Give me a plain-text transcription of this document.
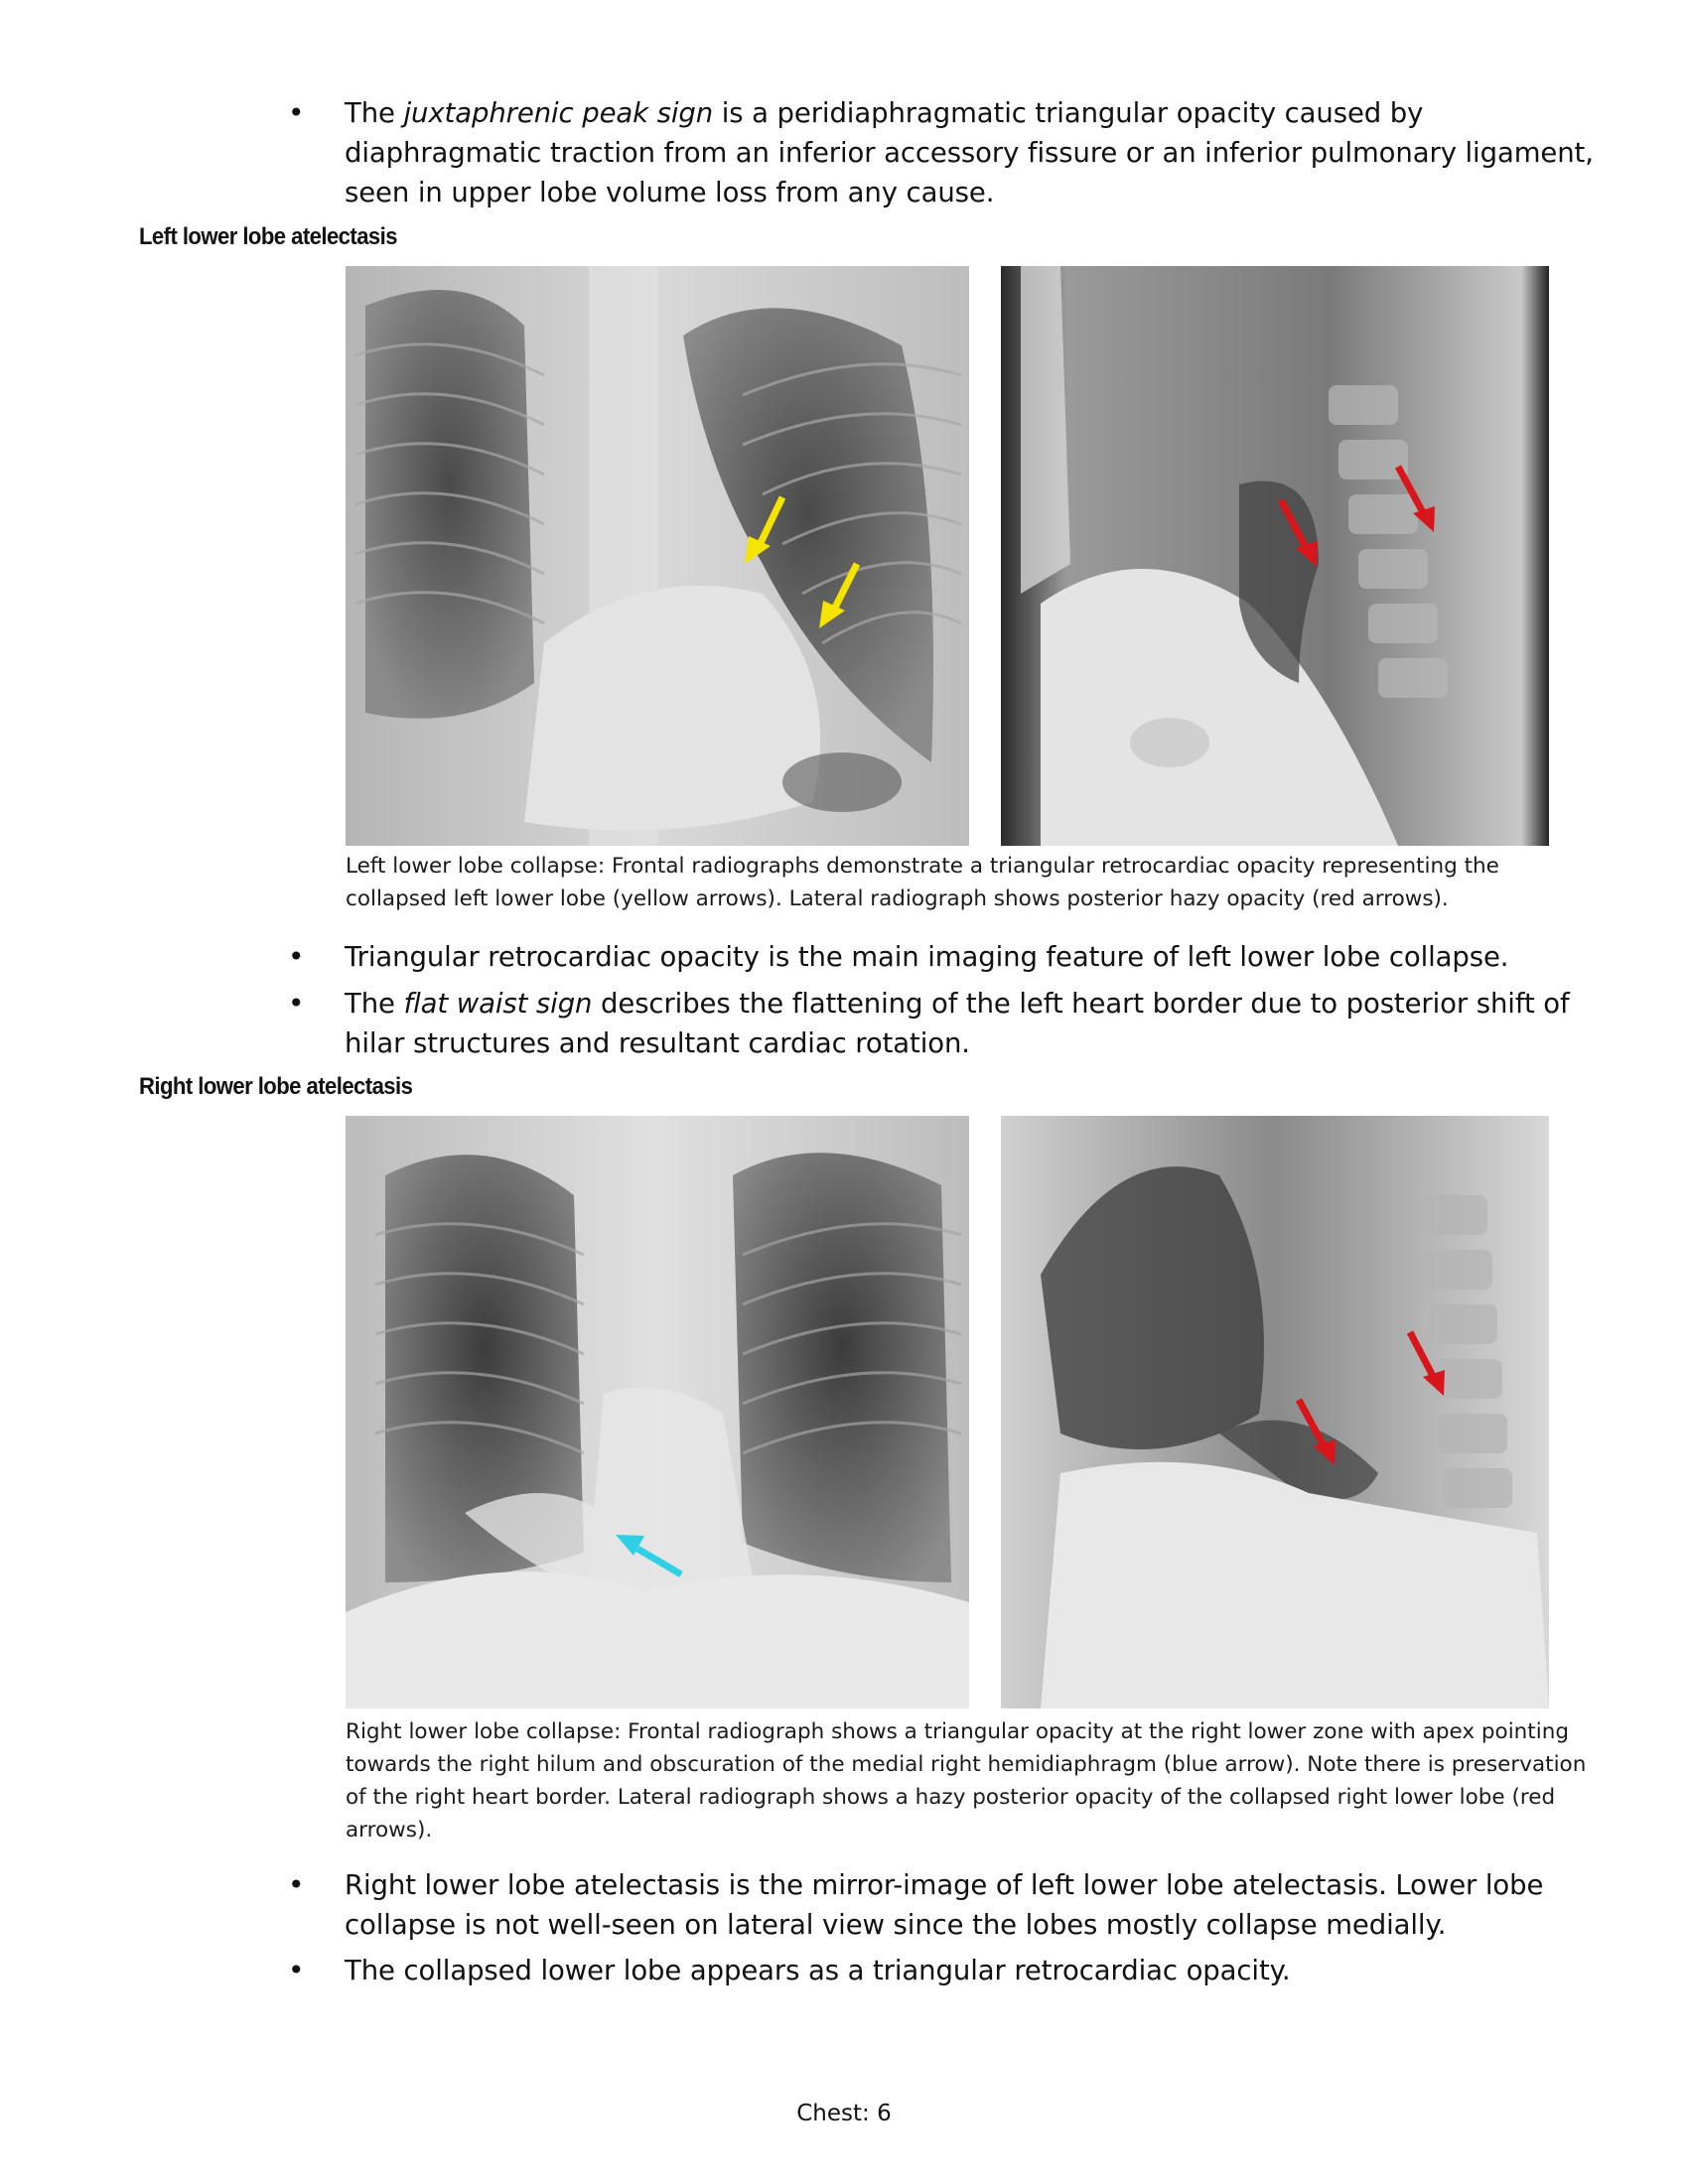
• The juxtaphrenic peak sign is a peridiaphragmatic triangular opacity caused by diaphragmatic traction from an inferior accessory fissure or an inferior pulmonary ligament, seen in upper lobe volume loss from any cause.
Left lower lobe atelectasis
Left lower lobe collapse: Frontal radiographs demonstrate a triangular retrocardiac opacity representing the collapsed left lower lobe (yellow arrows). Lateral radiograph shows posterior hazy opacity (red arrows).
• Triangular retrocardiac opacity is the main imaging feature of left lower lobe collapse.
• The flat waist sign describes the flattening of the left heart border due to posterior shift of hilar structures and resultant cardiac rotation.
Right lower lobe atelectasis
Right lower lobe collapse: Frontal radiograph shows a triangular opacity at the right lower zone with apex pointing towards the right hilum and obscuration of the medial right hemidiaphragm (blue arrow). Note there is preservation of the right heart border. Lateral radiograph shows a hazy posterior opacity of the collapsed right lower lobe (red arrows).
• Right lower lobe atelectasis is the mirror-image of left lower lobe atelectasis. Lower lobe collapse is not well-seen on lateral view since the lobes mostly collapse medially.
• The collapsed lower lobe appears as a triangular retrocardiac opacity.
Chest: 6
